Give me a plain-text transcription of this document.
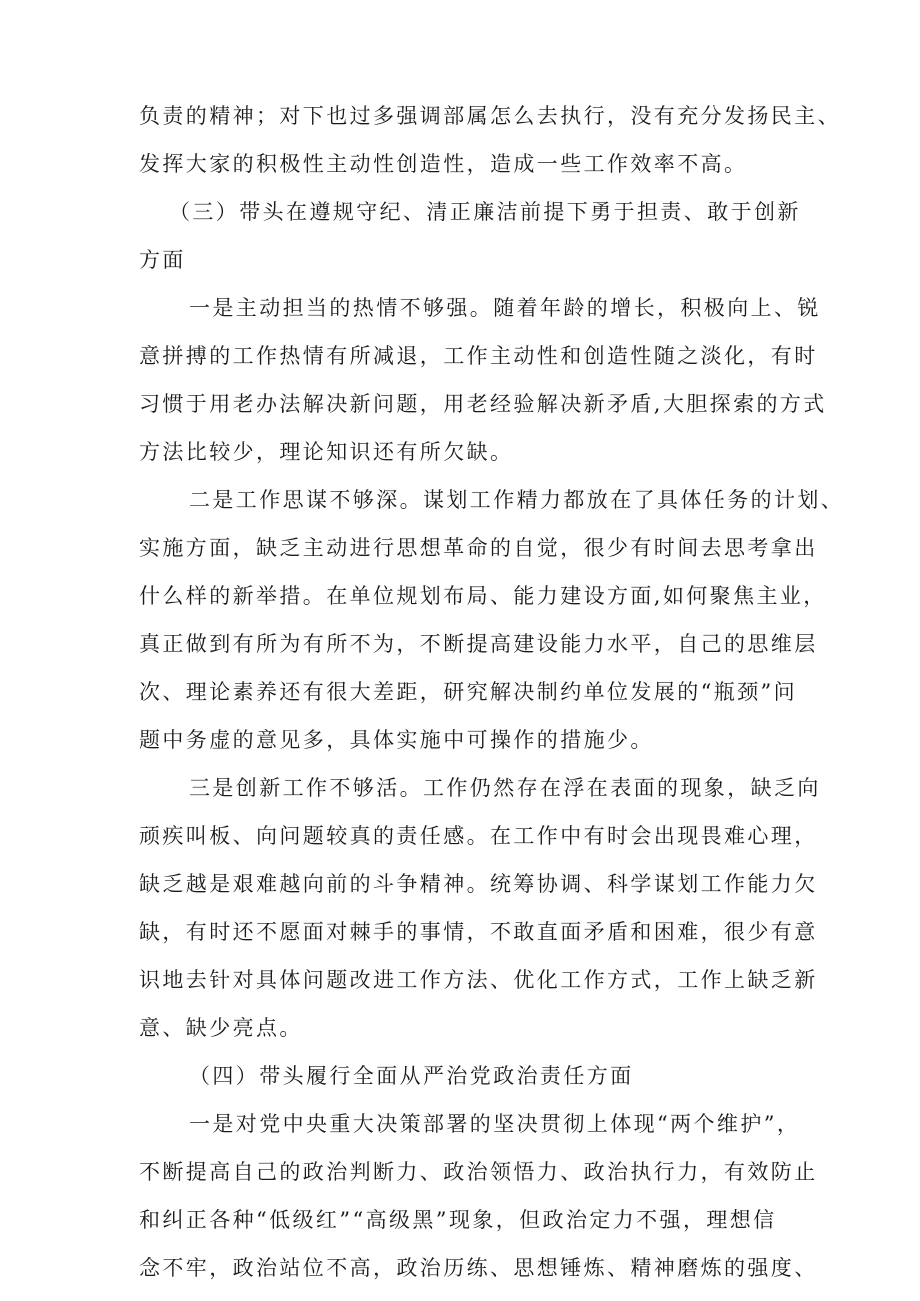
负责的精神；对下也过多强调部属怎么去执行，没有充分发扬民主、
发挥大家的积极性主动性创造性，造成一些工作效率不高。
（三）带头在遵规守纪、清正廉洁前提下勇于担责、敢于创新
方面
一是主动担当的热情不够强。随着年龄的增长，积极向上、锐
意拼搏的工作热情有所减退，工作主动性和创造性随之淡化，有时
习惯于用老办法解决新问题，用老经验解决新矛盾,大胆探索的方式
方法比较少，理论知识还有所欠缺。
二是工作思谋不够深。谋划工作精力都放在了具体任务的计划、
实施方面，缺乏主动进行思想革命的自觉，很少有时间去思考拿出
什么样的新举措。在单位规划布局、能力建设方面,如何聚焦主业，
真正做到有所为有所不为，不断提高建设能力水平，自己的思维层
次、理论素养还有很大差距，研究解决制约单位发展的“瓶颈”问
题中务虚的意见多，具体实施中可操作的措施少。
三是创新工作不够活。工作仍然存在浮在表面的现象，缺乏向
顽疾叫板、向问题较真的责任感。在工作中有时会出现畏难心理，
缺乏越是艰难越向前的斗争精神。统筹协调、科学谋划工作能力欠
缺，有时还不愿面对棘手的事情，不敢直面矛盾和困难，很少有意
识地去针对具体问题改进工作方法、优化工作方式，工作上缺乏新
意、缺少亮点。
（四）带头履行全面从严治党政治责任方面
一是对党中央重大决策部署的坚决贯彻上体现“两个维护”，
不断提高自己的政治判断力、政治领悟力、政治执行力，有效防止
和纠正各种“低级红”“高级黑”现象，但政治定力不强，理想信
念不牢，政治站位不高，政治历练、思想锤炼、精神磨炼的强度、
